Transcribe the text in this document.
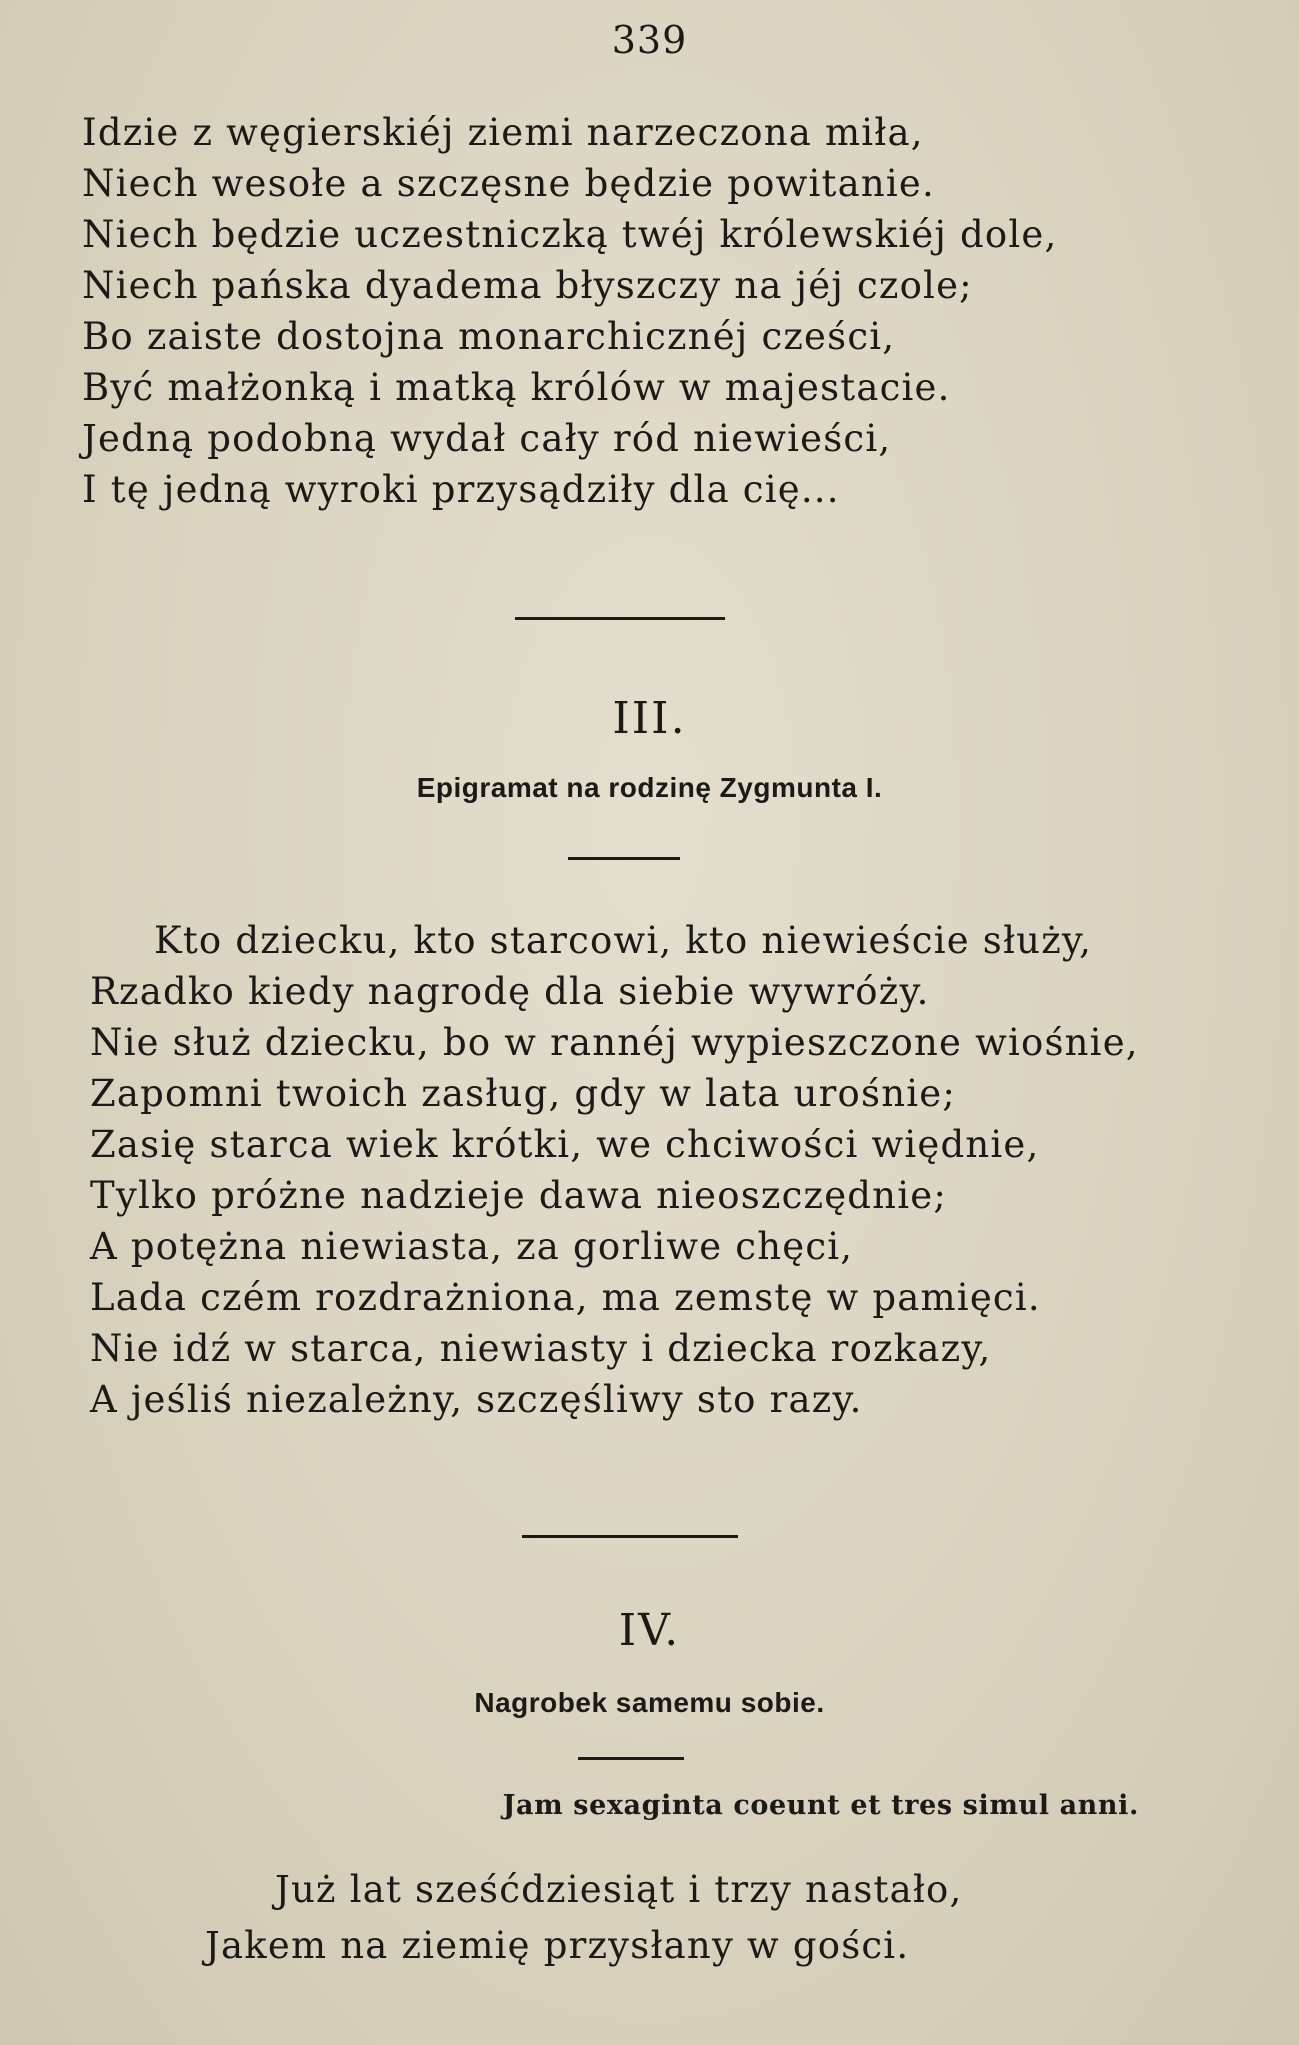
339
Idzie z węgierskiéj ziemi narzeczona miła,
Niech wesołe a szczęsne będzie powitanie.
Niech będzie uczestniczką twéj królewskiéj dole,
Niech pańska dyadema błyszczy na jéj czole;
Bo zaiste dostojna monarchicznéj cześci,
Być małżonką i matką królów w majestacie.
Jedną podobną wydał cały ród niewieści,
I tę jedną wyroki przysądziły dla cię...
III.
Epigramat na rodzinę Zygmunta I.
Kto dziecku, kto starcowi, kto niewieście służy,
Rzadko kiedy nagrodę dla siebie wywróży.
Nie służ dziecku, bo w rannéj wypieszczone wiośnie,
Zapomni twoich zasług, gdy w lata urośnie;
Zasię starca wiek krótki, we chciwości więdnie,
Tylko próżne nadzieje dawa nieoszczędnie;
A potężna niewiasta, za gorliwe chęci,
Lada czém rozdrażniona, ma zemstę w pamięci.
Nie idź w starca, niewiasty i dziecka rozkazy,
A jeśliś niezależny, szczęśliwy sto razy.
IV.
Nagrobek samemu sobie.
Jam sexaginta coeunt et tres simul anni.
Już lat sześćdziesiąt i trzy nastało,
Jakem na ziemię przysłany w gości.
